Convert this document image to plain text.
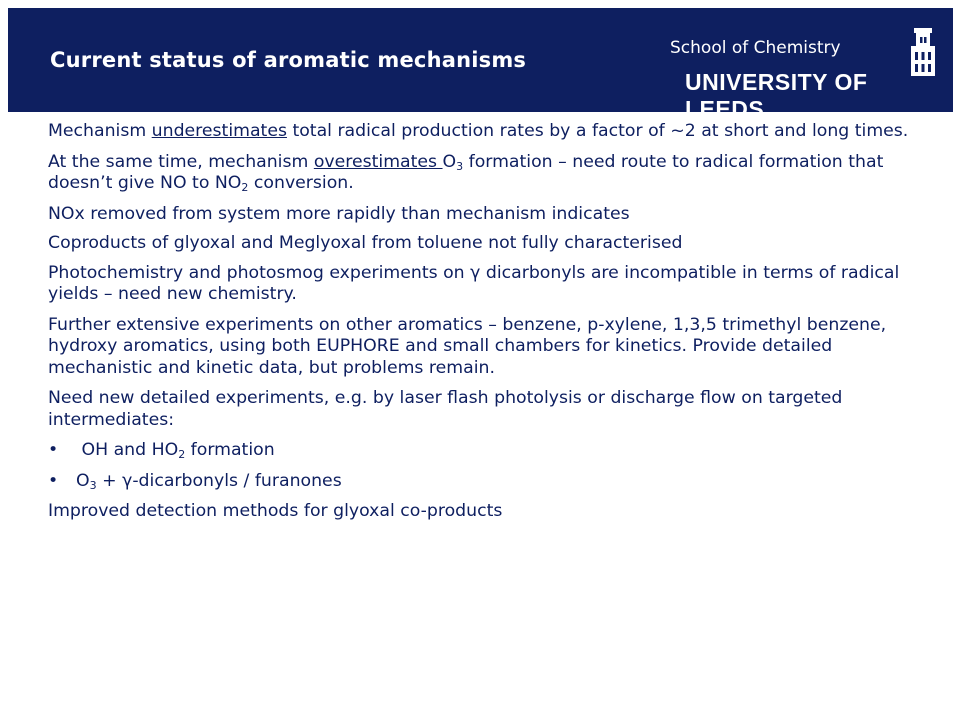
Current status of aromatic mechanisms	School of Chemistry
UNIVERSITY OF LEEDS

Mechanism underestimates total radical production rates by a factor of ~2 at short and long times.

At the same time, mechanism overestimates $O_3$ formation – need route to radical formation that doesn’t give NO to $NO_2$ conversion.

NOx removed from system more rapidly than mechanism indicates

Coproducts of glyoxal and Meglyoxal from toluene not fully characterised

Photochemistry and photosmog experiments on γ dicarbonyls are incompatible in terms of radical yields – need new chemistry.

Further extensive experiments on other aromatics – benzene, p-xylene, 1,3,5 trimethyl benzene, hydroxy aromatics, using both EUPHORE and small chambers for kinetics. Provide detailed mechanistic and kinetic data, but problems remain.

Need new detailed experiments, e.g. by laser flash photolysis or discharge flow on targeted intermediates:

• OH and $HO_2$ formation

• $O_3$ + γ-dicarbonyls / furanones

Improved detection methods for glyoxal co-products
